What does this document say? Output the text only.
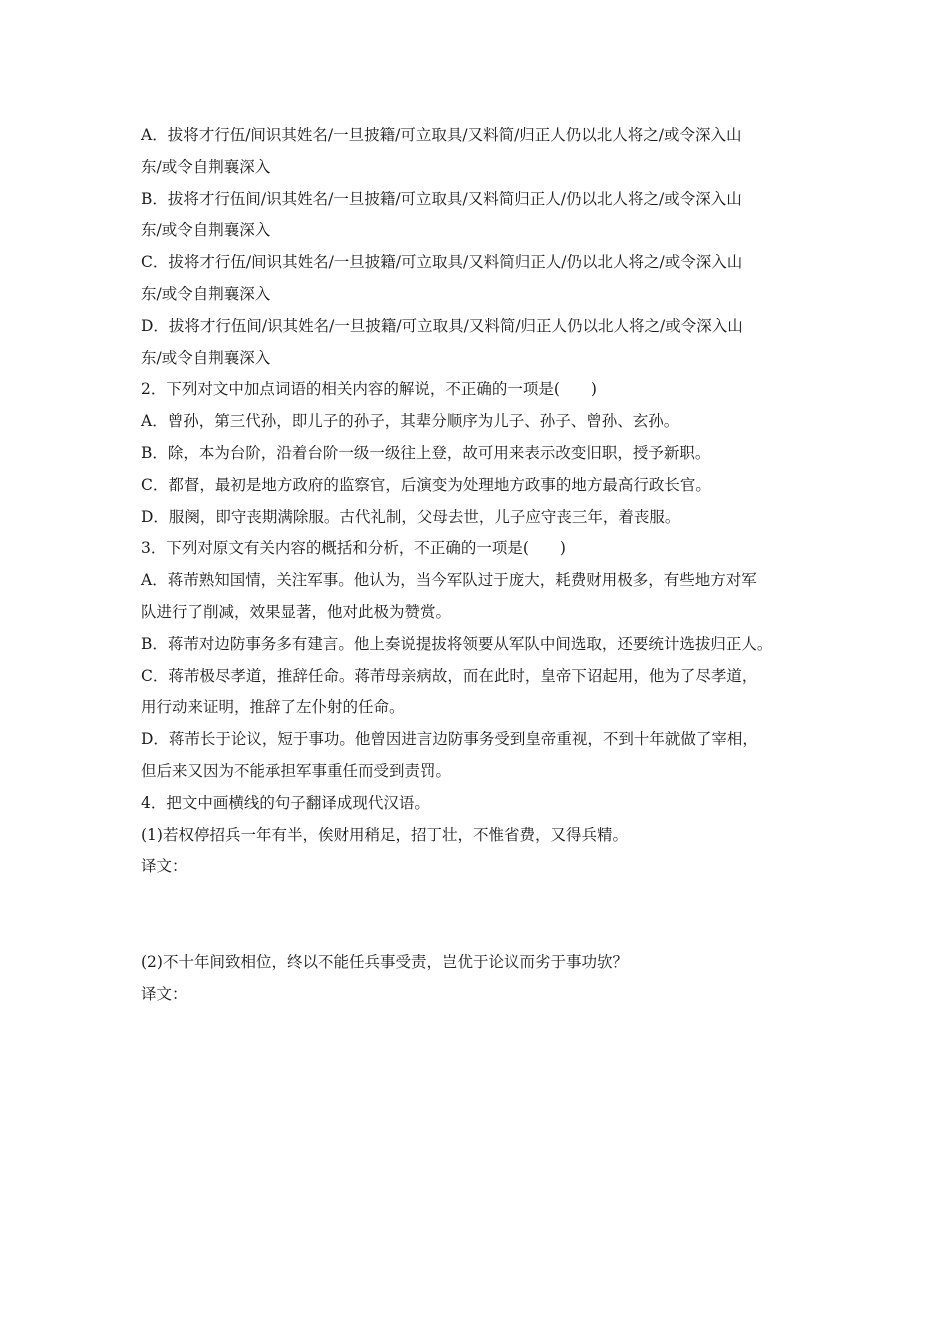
A．拔将才行伍/间识其姓名/一旦披籍/可立取具/又料简/归正人仍以北人将之/或令深入山

东/或令自荆襄深入

B．拔将才行伍间/识其姓名/一旦披籍/可立取具/又料简归正人/仍以北人将之/或令深入山

东/或令自荆襄深入

C．拔将才行伍/间识其姓名/一旦披籍/可立取具/又料简归正人/仍以北人将之/或令深入山

东/或令自荆襄深入

D．拔将才行伍间/识其姓名/一旦披籍/可立取具/又料简/归正人仍以北人将之/或令深入山

东/或令自荆襄深入

2．下列对文中加点词语的相关内容的解说，不正确的一项是(　　)

A．曾孙，第三代孙，即儿子的孙子，其辈分顺序为儿子、孙子、曾孙、玄孙。

B．除，本为台阶，沿着台阶一级一级往上登，故可用来表示改变旧职，授予新职。

C．都督，最初是地方政府的监察官，后演变为处理地方政事的地方最高行政长官。

D．服阕，即守丧期满除服。古代礼制，父母去世，儿子应守丧三年，着丧服。

3．下列对原文有关内容的概括和分析，不正确的一项是(　　)

A．蒋芾熟知国情，关注军事。他认为，当今军队过于庞大，耗费财用极多，有些地方对军

队进行了削减，效果显著，他对此极为赞赏。

B．蒋芾对边防事务多有建言。他上奏说提拔将领要从军队中间选取，还要统计选拔归正人。

C．蒋芾极尽孝道，推辞任命。蒋芾母亲病故，而在此时，皇帝下诏起用，他为了尽孝道，

用行动来证明，推辞了左仆射的任命。

D．蒋芾长于论议，短于事功。他曾因进言边防事务受到皇帝重视，不到十年就做了宰相，

但后来又因为不能承担军事重任而受到责罚。

4．把文中画横线的句子翻译成现代汉语。

(1)若权停招兵一年有半，俟财用稍足，招丁壮，不惟省费，又得兵精。

译文：

(2)不十年间致相位，终以不能任兵事受责，岂优于论议而劣于事功欤？

译文：
